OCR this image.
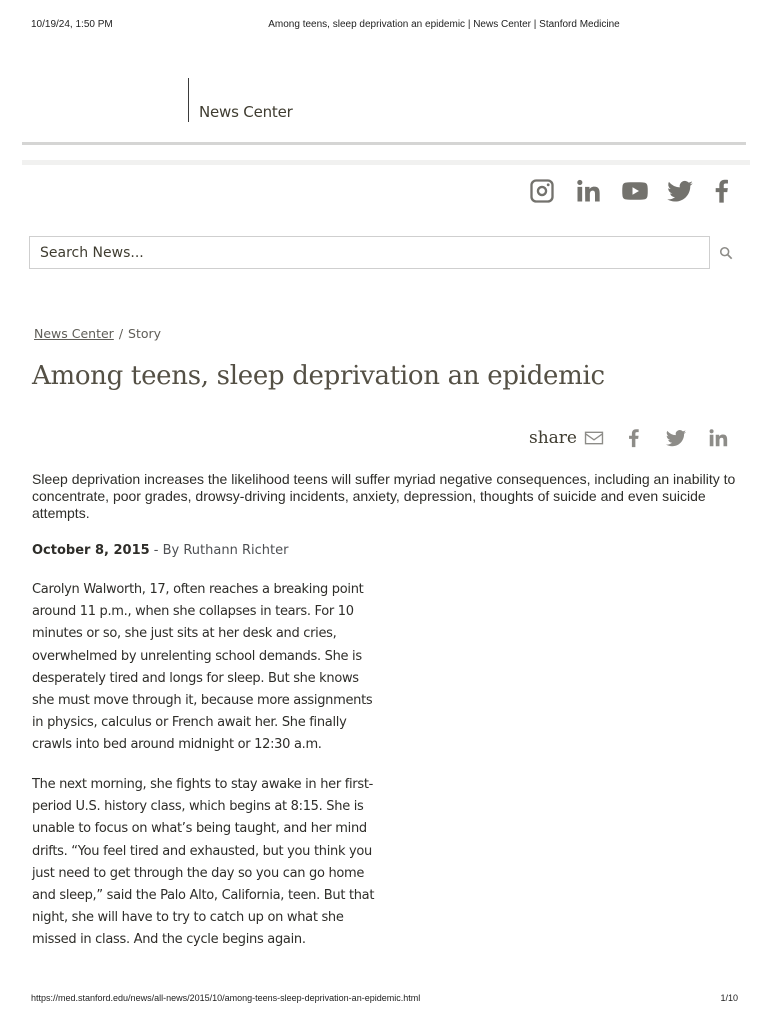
10/19/24, 1:50 PM	Among teens, sleep deprivation an epidemic | News Center | Stanford Medicine
News Center
Search News...
News Center / Story
Among teens, sleep deprivation an epidemic
share

Sleep deprivation increases the likelihood teens will suffer myriad negative consequences, including an inability to concentrate, poor grades, drowsy-driving incidents, anxiety, depression, thoughts of suicide and even suicide attempts.

October 8, 2015 - By Ruthann Richter

Carolyn Walworth, 17, often reaches a breaking point around 11 p.m., when she collapses in tears. For 10 minutes or so, she just sits at her desk and cries, overwhelmed by unrelenting school demands. She is desperately tired and longs for sleep. But she knows she must move through it, because more assignments in physics, calculus or French await her. She finally crawls into bed around midnight or 12:30 a.m.

The next morning, she fights to stay awake in her first-period U.S. history class, which begins at 8:15. She is unable to focus on what’s being taught, and her mind drifts. “You feel tired and exhausted, but you think you just need to get through the day so you can go home and sleep,” said the Palo Alto, California, teen. But that night, she will have to try to catch up on what she missed in class. And the cycle begins again.

https://med.stanford.edu/news/all-news/2015/10/among-teens-sleep-deprivation-an-epidemic.html	1/10
